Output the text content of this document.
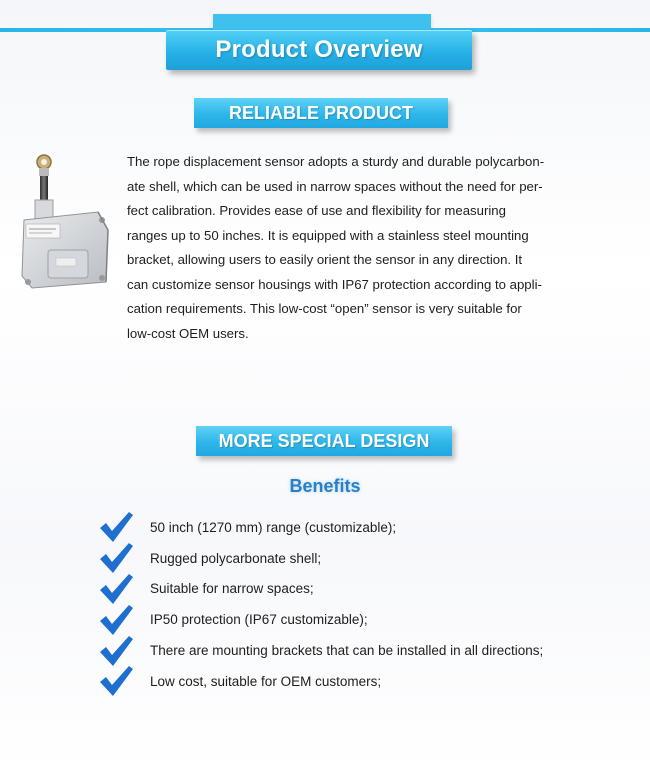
Product Overview
RELIABLE PRODUCT
The rope displacement sensor adopts a sturdy and durable polycarbon-
ate shell, which can be used in narrow spaces without the need for per-
fect calibration. Provides ease of use and flexibility for measuring
ranges up to 50 inches. It is equipped with a stainless steel mounting
bracket, allowing users to easily orient the sensor in any direction. It
can customize sensor housings with IP67 protection according to appli-
cation requirements. This low-cost “open” sensor is very suitable for
low-cost OEM users.
MORE SPECIAL DESIGN
Benefits
50 inch (1270 mm) range (customizable);
Rugged polycarbonate shell;
Suitable for narrow spaces;
IP50 protection (IP67 customizable);
There are mounting brackets that can be installed in all directions;
Low cost, suitable for OEM customers;
